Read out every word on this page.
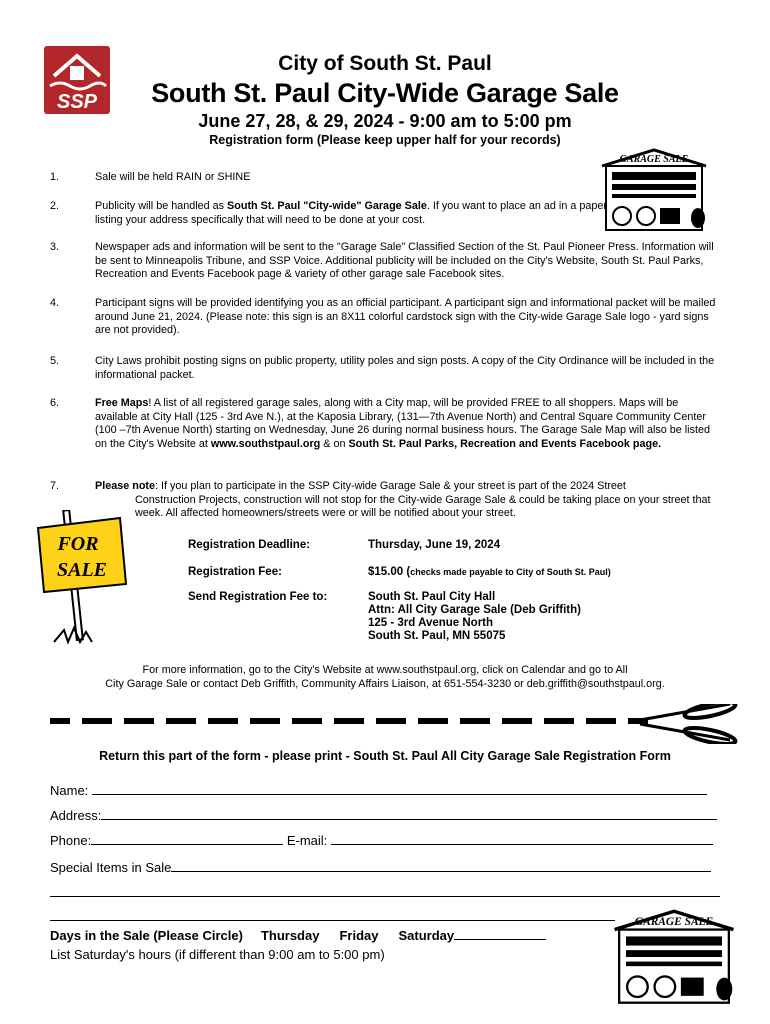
SSP
City of South St. Paul
South St. Paul City-Wide Garage Sale
June 27, 28, & 29, 2024 - 9:00 am to 5:00 pm
Registration form (Please keep upper half for your records)
GARAGE SALE
1.	Sale will be held RAIN or SHINE
2.	Publicity will be handled as South St. Paul "City-wide" Garage Sale. If you want to place an ad in a paper listing your address specifically that will need to be done at your cost.
3.	Newspaper ads and information will be sent to the "Garage Sale" Classified Section of the St. Paul Pioneer Press. Information will be sent to Minneapolis Tribune, and SSP Voice. Additional publicity will be included on the City's Website, South St. Paul Parks, Recreation and Events Facebook page & variety of other garage sale Facebook sites.
4.	Participant signs will be provided identifying you as an official participant. A participant sign and informational packet will be mailed around June 21, 2024. (Please note: this sign is an 8X11 colorful cardstock sign with the City-wide Garage Sale logo - yard signs are not provided).
5.	City Laws prohibit posting signs on public property, utility poles and sign posts. A copy of the City Ordinance will be included in the informational packet.
6.	Free Maps! A list of all registered garage sales, along with a City map, will be provided FREE to all shoppers. Maps will be available at City Hall (125 - 3rd Ave N.), at the Kaposia Library, (131—7th Avenue North) and Central Square Community Center (100 –7th Avenue North) starting on Wednesday, June 26 during normal business hours. The Garage Sale Map will also be listed on the City's Website at www.southstpaul.org & on South St. Paul Parks, Recreation and Events Facebook page.
7.	Please note: If you plan to participate in the SSP City-wide Garage Sale & your street is part of the 2024 Street
Construction Projects, construction will not stop for the City-wide Garage Sale & could be taking place on your street that week. All affected homeowners/streets were or will be notified about your street.
FOR
SALE
Registration Deadline:	Thursday, June 19, 2024
Registration Fee:	$15.00 (checks made payable to City of South St. Paul)
Send Registration Fee to:	South St. Paul City Hall
Attn: All City Garage Sale (Deb Griffith)
125 - 3rd Avenue North
South St. Paul, MN 55075
For more information, go to the City's Website at www.southstpaul.org, click on Calendar and go to All
City Garage Sale or contact Deb Griffith, Community Affairs Liaison, at 651-554-3230 or deb.griffith@southstpaul.org.
Return this part of the form - please print - South St. Paul All City Garage Sale Registration Form
Name:
Address:
Phone:	E-mail:
Special Items in Sale
Days in the Sale (Please Circle) Thursday Friday Saturday
List Saturday's hours (if different than 9:00 am to 5:00 pm)
GARAGE SALE
